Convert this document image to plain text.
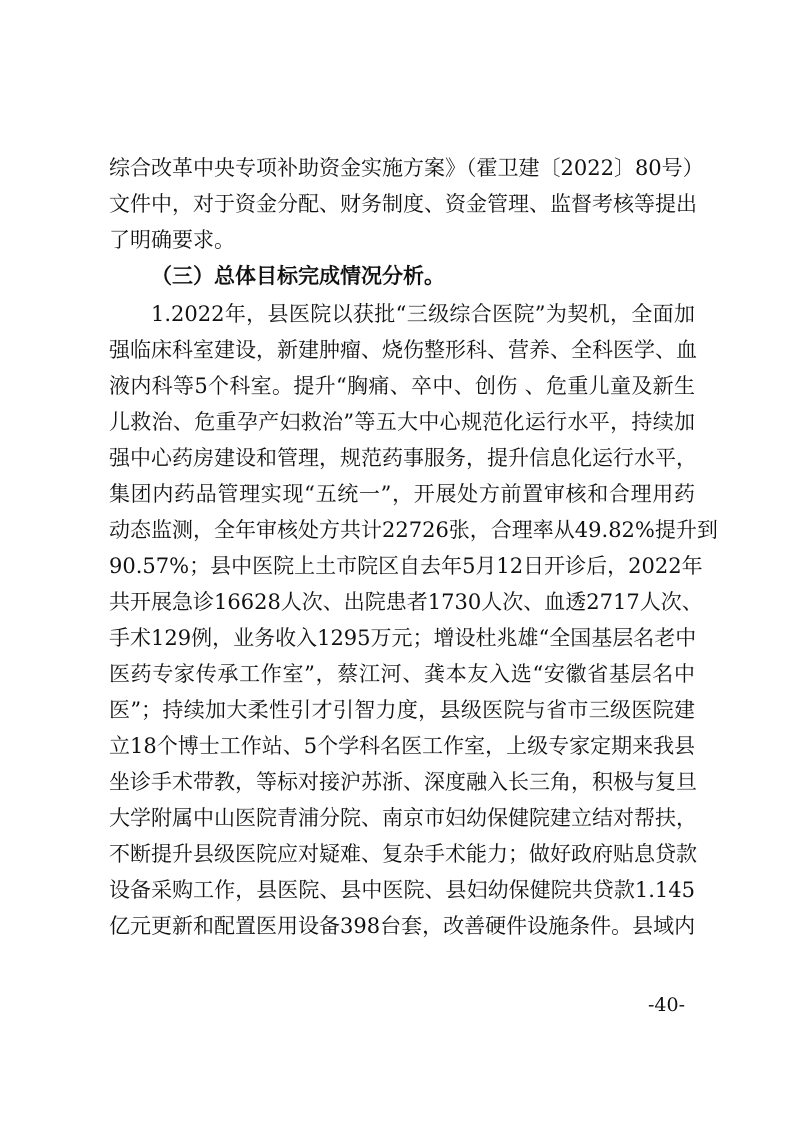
综合改革中央专项补助资金实施方案》（霍卫建〔2022〕80号）
文件中，对于资金分配、财务制度、资金管理、监督考核等提出
了明确要求。
（三）总体目标完成情况分析。
1.2022年，县医院以获批“三级综合医院”为契机，全面加
强临床科室建设，新建肿瘤、烧伤整形科、营养、全科医学、血
液内科等5个科室。提升“胸痛、卒中、创伤 、危重儿童及新生
儿救治、危重孕产妇救治”等五大中心规范化运行水平，持续加
强中心药房建设和管理，规范药事服务，提升信息化运行水平，
集团内药品管理实现“五统一”，开展处方前置审核和合理用药
动态监测，全年审核处方共计22726张，合理率从49.82%提升到
90.57%；县中医院上土市院区自去年5月12日开诊后，2022年
共开展急诊16628人次、出院患者1730人次、血透2717人次、
手术129例，业务收入1295万元；增设杜兆雄“全国基层名老中
医药专家传承工作室”，蔡江河、龚本友入选“安徽省基层名中
医”；持续加大柔性引才引智力度，县级医院与省市三级医院建
立18个博士工作站、5个学科名医工作室，上级专家定期来我县
坐诊手术带教，等标对接沪苏浙、深度融入长三角，积极与复旦
大学附属中山医院青浦分院、南京市妇幼保健院建立结对帮扶，
不断提升县级医院应对疑难、复杂手术能力；做好政府贴息贷款
设备采购工作，县医院、县中医院、县妇幼保健院共贷款1.145
亿元更新和配置医用设备398台套，改善硬件设施条件。县域内
-40-
